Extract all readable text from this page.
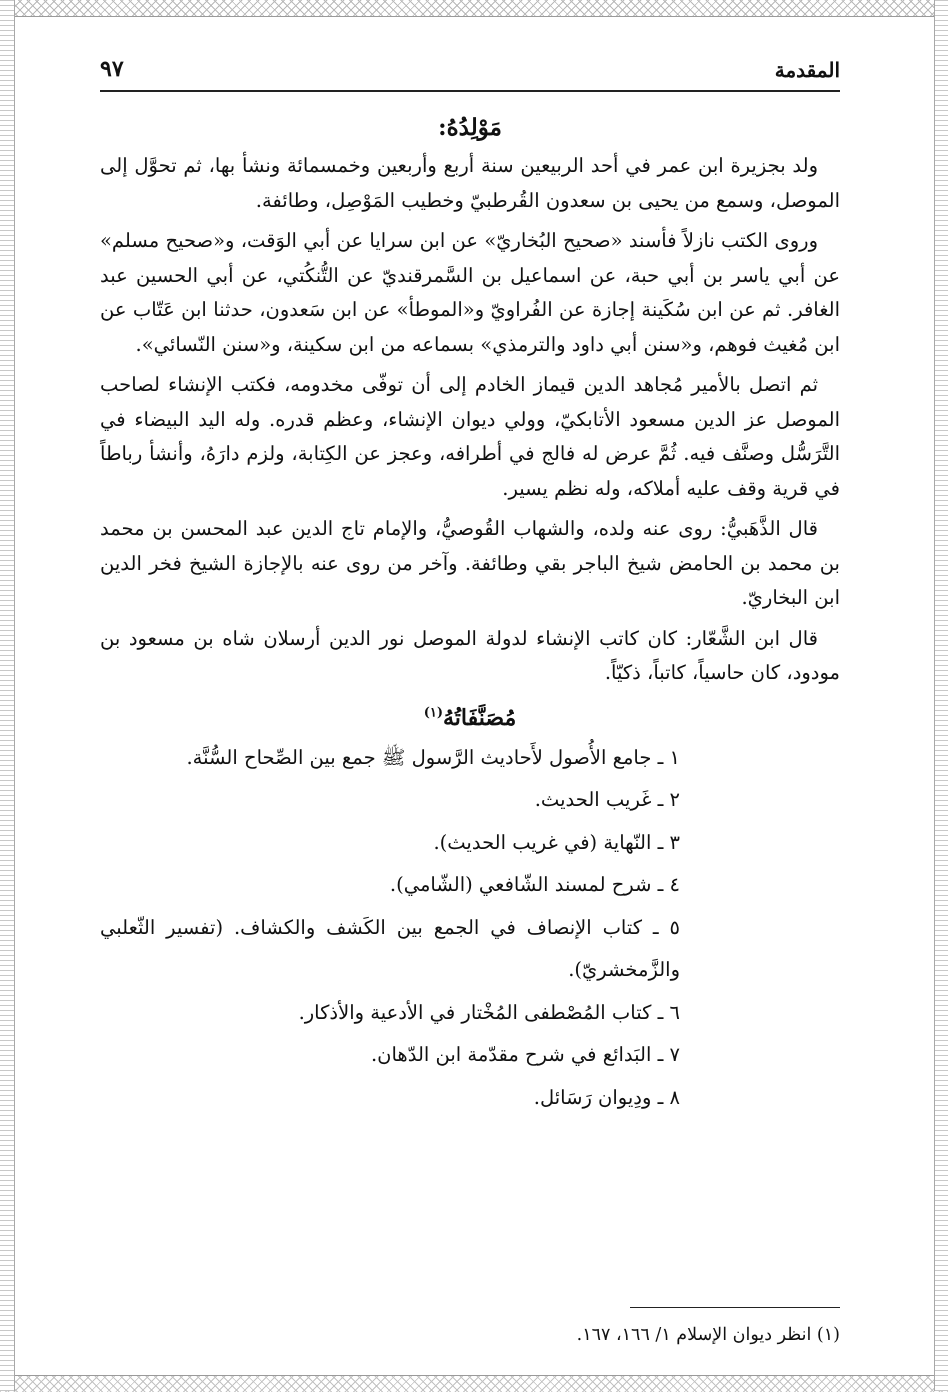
المقدمة
٩٧
مَوْلِدُهُ:

ولد بجزيرة ابن عمر في أحد الربيعين سنة أربع وأربعين وخمسمائة ونشأ بها، ثم تحوَّل إلى الموصل، وسمع من يحيى بن سعدون القُرطبيّ وخطيب المَوْصِل، وطائفة.

وروى الكتب نازلاً فأسند «صحيح البُخاريّ» عن ابن سرايا عن أبي الوَقت، و«صحيح مسلم» عن أبي ياسر بن أبي حبة، عن اسماعيل بن السَّمرقنديّ عن التُّنكُتي، عن أبي الحسين عبد الغافر. ثم عن ابن سُكَينة إجازة عن الفُراويّ و«الموطأ» عن ابن سَعدون، حدثنا ابن عَتّاب عن ابن مُغيث فوهم، و«سنن أبي داود والترمذي» بسماعه من ابن سكينة، و«سنن النّسائي».

ثم اتصل بالأمير مُجاهد الدين قيماز الخادم إلى أن توفّى مخدومه، فكتب الإنشاء لصاحب الموصل عز الدين مسعود الأتابكيّ، وولي ديوان الإنشاء، وعظم قدره. وله اليد البيضاء في التَّرَسُّل وصنَّف فيه. ثُمَّ عرض له فالج في أطرافه، وعجز عن الكِتابة، ولزم دارَهُ، وأنشأ رباطاً في قرية وقف عليه أملاكه، وله نظم يسير.

قال الذَّهَبيُّ: روى عنه ولده، والشهاب القُوصيُّ، والإمام تاج الدين عبد المحسن بن محمد بن محمد بن الحامض شيخ الباجر بقي وطائفة. وآخر من روى عنه بالإجازة الشيخ فخر الدين ابن البخاريّ.

قال ابن الشَّعّار: كان كاتب الإنشاء لدولة الموصل نور الدين أرسلان شاه بن مسعود بن مودود، كان حاسياً، كاتباً، ذكيّاً.

مُصَنَّفَاتُهُ$^{(١)}$
١ ـ جامع الأُصول لأَحاديث الرَّسول ﷺ جمع بين الصِّحاح السُّنَّة.
٢ ـ غَريب الحديث.
٣ ـ النّهاية (في غريب الحديث).
٤ ـ شرح لمسند الشّافعي (الشّامي).
٥ ـ كتاب الإنصاف في الجمع بين الكَشف والكشاف. (تفسير الثّعلبي والزَّمخشريّ).
٦ ـ كتاب المُصْطفى المُخْتار في الأدعية والأذكار.
٧ ـ البَدائع في شرح مقدّمة ابن الدّهان.
٨ ـ ودِيوان رَسَائل.
(١) انظر ديوان الإسلام ١/ ١٦٦، ١٦٧.
